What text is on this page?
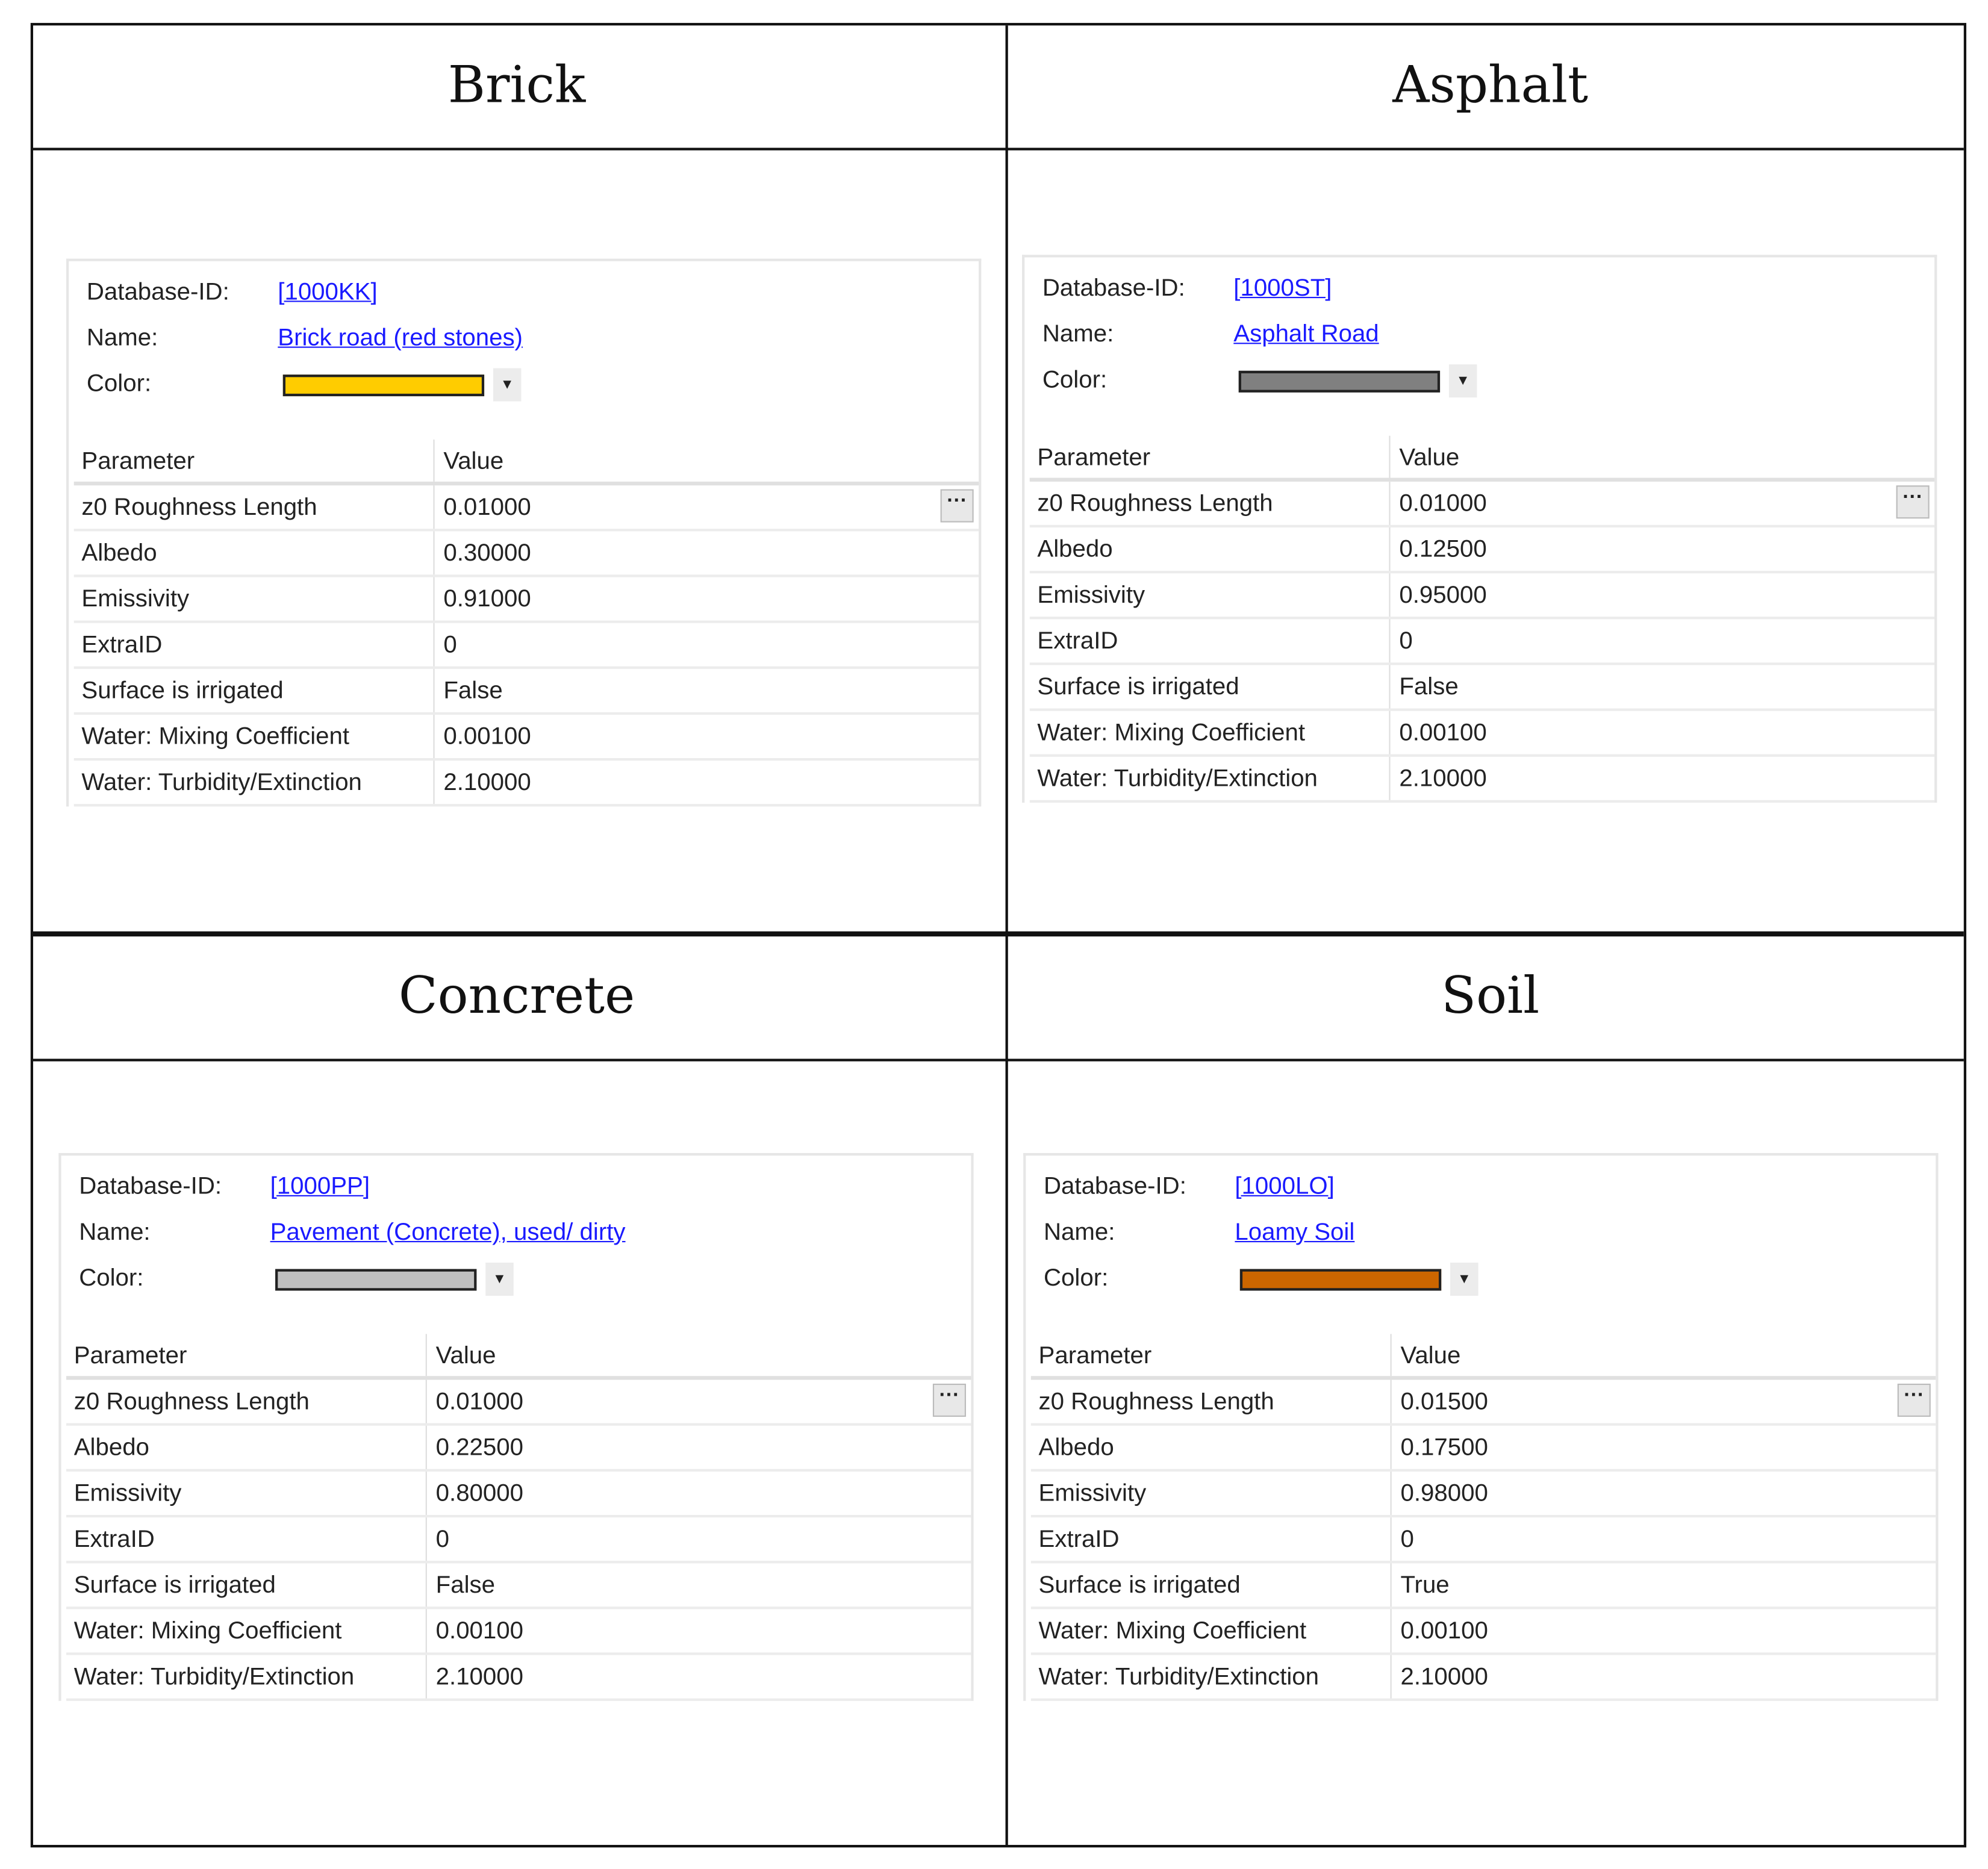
Brick
Database-ID:	[1000KK]
Name:	Brick road (red stones)
Color:	▼
Parameter	Value
z0 Roughness Length	0.01000	···
Albedo	0.30000
Emissivity	0.91000
ExtraID	0
Surface is irrigated	False
Water: Mixing Coefficient	0.00100
Water: Turbidity/Extinction	2.10000
Asphalt
Database-ID:	[1000ST]
Name:	Asphalt Road
Color:	▼
Parameter	Value
z0 Roughness Length	0.01000	···
Albedo	0.12500
Emissivity	0.95000
ExtraID	0
Surface is irrigated	False
Water: Mixing Coefficient	0.00100
Water: Turbidity/Extinction	2.10000
Concrete
Database-ID:	[1000PP]
Name:	Pavement (Concrete), used/ dirty
Color:	▼
Parameter	Value
z0 Roughness Length	0.01000	···
Albedo	0.22500
Emissivity	0.80000
ExtraID	0
Surface is irrigated	False
Water: Mixing Coefficient	0.00100
Water: Turbidity/Extinction	2.10000
Soil
Database-ID:	[1000LO]
Name:	Loamy Soil
Color:	▼
Parameter	Value
z0 Roughness Length	0.01500	···
Albedo	0.17500
Emissivity	0.98000
ExtraID	0
Surface is irrigated	True
Water: Mixing Coefficient	0.00100
Water: Turbidity/Extinction	2.10000
